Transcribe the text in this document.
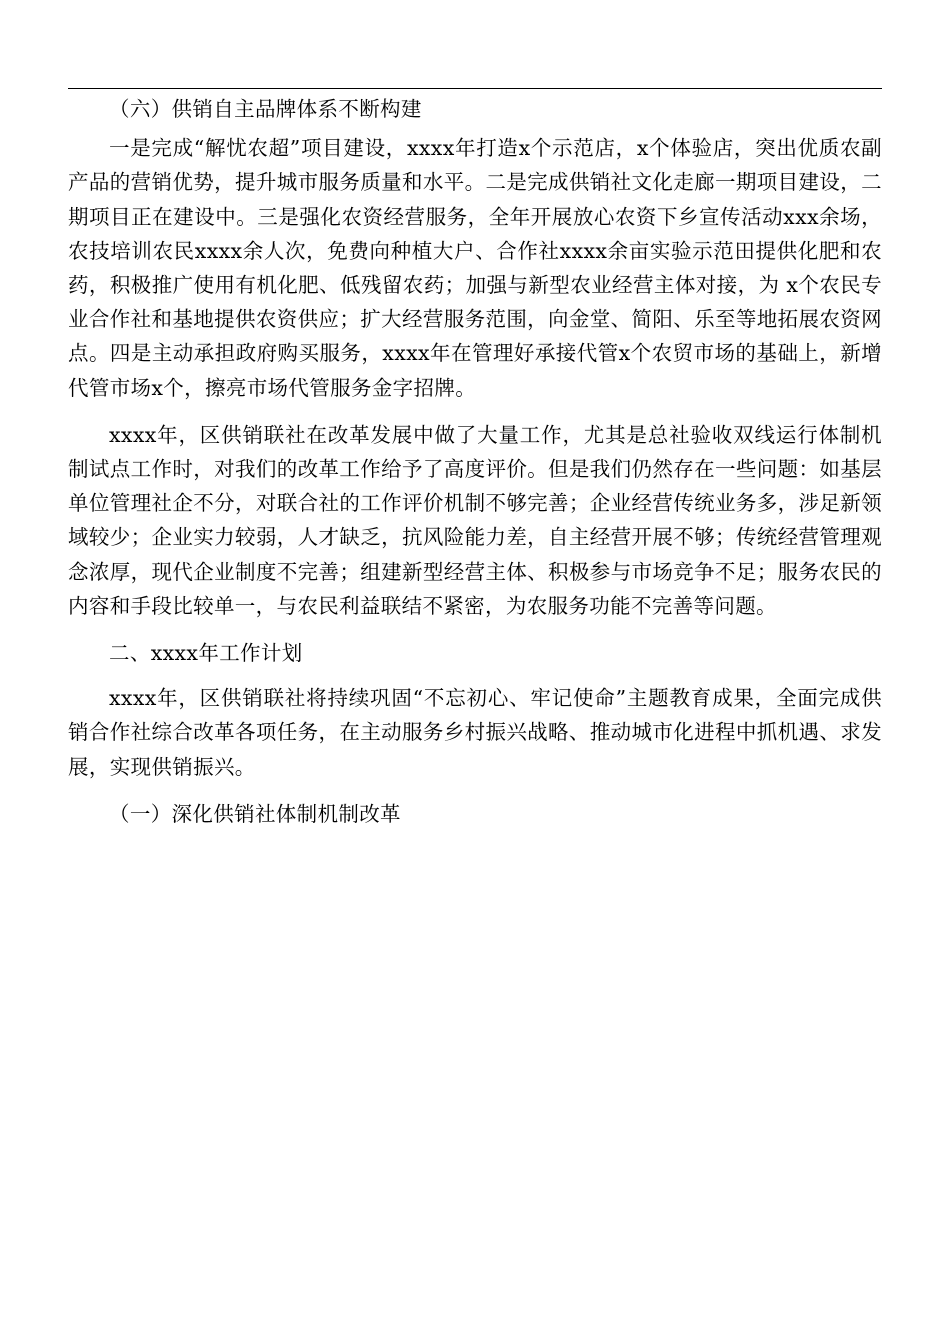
（六）供销自主品牌体系不断构建

一是完成“解忧农超”项目建设，xxxx年打造x个示范店，x个体验店，突出优质农副产品的营销优势，提升城市服务质量和水平。二是完成供销社文化走廊一期项目建设，二期项目正在建设中。三是强化农资经营服务，全年开展放心农资下乡宣传活动xxx余场，农技培训农民xxxx余人次，免费向种植大户、合作社xxxx余亩实验示范田提供化肥和农药，积极推广使用有机化肥、低残留农药；加强与新型农业经营主体对接，为 x个农民专业合作社和基地提供农资供应；扩大经营服务范围，向金堂、简阳、乐至等地拓展农资网点。四是主动承担政府购买服务，xxxx年在管理好承接代管x个农贸市场的基础上，新增代管市场x个，擦亮市场代管服务金字招牌。

xxxx年，区供销联社在改革发展中做了大量工作，尤其是总社验收双线运行体制机制试点工作时，对我们的改革工作给予了高度评价。但是我们仍然存在一些问题：如基层单位管理社企不分，对联合社的工作评价机制不够完善；企业经营传统业务多，涉足新领域较少；企业实力较弱，人才缺乏，抗风险能力差，自主经营开展不够；传统经营管理观念浓厚，现代企业制度不完善；组建新型经营主体、积极参与市场竞争不足；服务农民的内容和手段比较单一，与农民利益联结不紧密，为农服务功能不完善等问题。

二、xxxx年工作计划

xxxx年，区供销联社将持续巩固“不忘初心、牢记使命”主题教育成果，全面完成供销合作社综合改革各项任务，在主动服务乡村振兴战略、推动城市化进程中抓机遇、求发展，实现供销振兴。

（一）深化供销社体制机制改革
